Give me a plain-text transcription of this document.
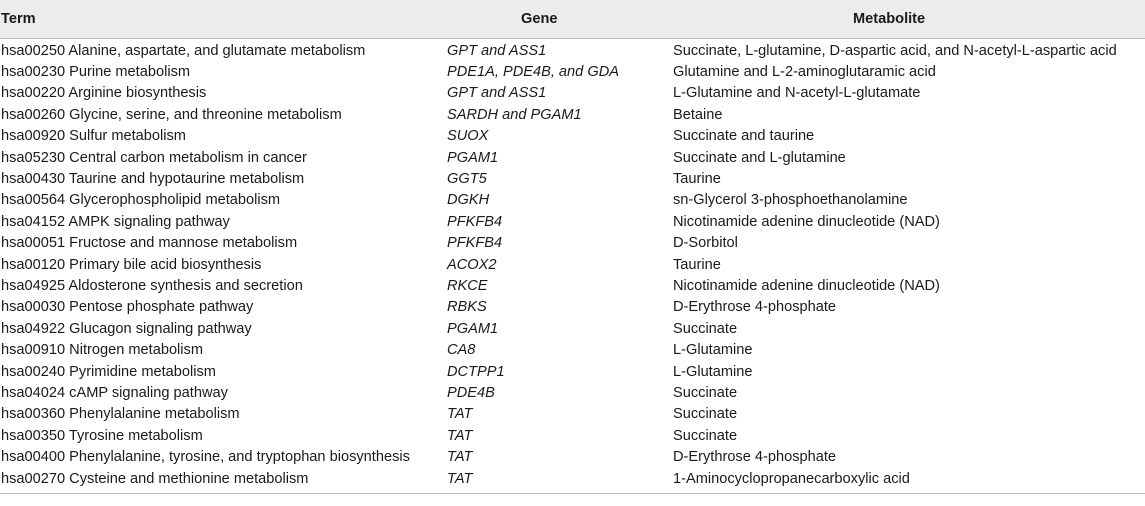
Term	Gene	Metabolite
hsa00250 Alanine, aspartate, and glutamate metabolism	GPT and ASS1	Succinate, L-glutamine, D-aspartic acid, and N-acetyl-L-aspartic acid
hsa00230 Purine metabolism	PDE1A, PDE4B, and GDA	Glutamine and L-2-aminoglutaramic acid
hsa00220 Arginine biosynthesis	GPT and ASS1	L-Glutamine and N-acetyl-L-glutamate
hsa00260 Glycine, serine, and threonine metabolism	SARDH and PGAM1	Betaine
hsa00920 Sulfur metabolism	SUOX	Succinate and taurine
hsa05230 Central carbon metabolism in cancer	PGAM1	Succinate and L-glutamine
hsa00430 Taurine and hypotaurine metabolism	GGT5	Taurine
hsa00564 Glycerophospholipid metabolism	DGKH	sn-Glycerol 3-phosphoethanolamine
hsa04152 AMPK signaling pathway	PFKFB4	Nicotinamide adenine dinucleotide (NAD)
hsa00051 Fructose and mannose metabolism	PFKFB4	D-Sorbitol
hsa00120 Primary bile acid biosynthesis	ACOX2	Taurine
hsa04925 Aldosterone synthesis and secretion	RKCE	Nicotinamide adenine dinucleotide (NAD)
hsa00030 Pentose phosphate pathway	RBKS	D-Erythrose 4-phosphate
hsa04922 Glucagon signaling pathway	PGAM1	Succinate
hsa00910 Nitrogen metabolism	CA8	L-Glutamine
hsa00240 Pyrimidine metabolism	DCTPP1	L-Glutamine
hsa04024 cAMP signaling pathway	PDE4B	Succinate
hsa00360 Phenylalanine metabolism	TAT	Succinate
hsa00350 Tyrosine metabolism	TAT	Succinate
hsa00400 Phenylalanine, tyrosine, and tryptophan biosynthesis	TAT	D-Erythrose 4-phosphate
hsa00270 Cysteine and methionine metabolism	TAT	1-Aminocyclopropanecarboxylic acid
